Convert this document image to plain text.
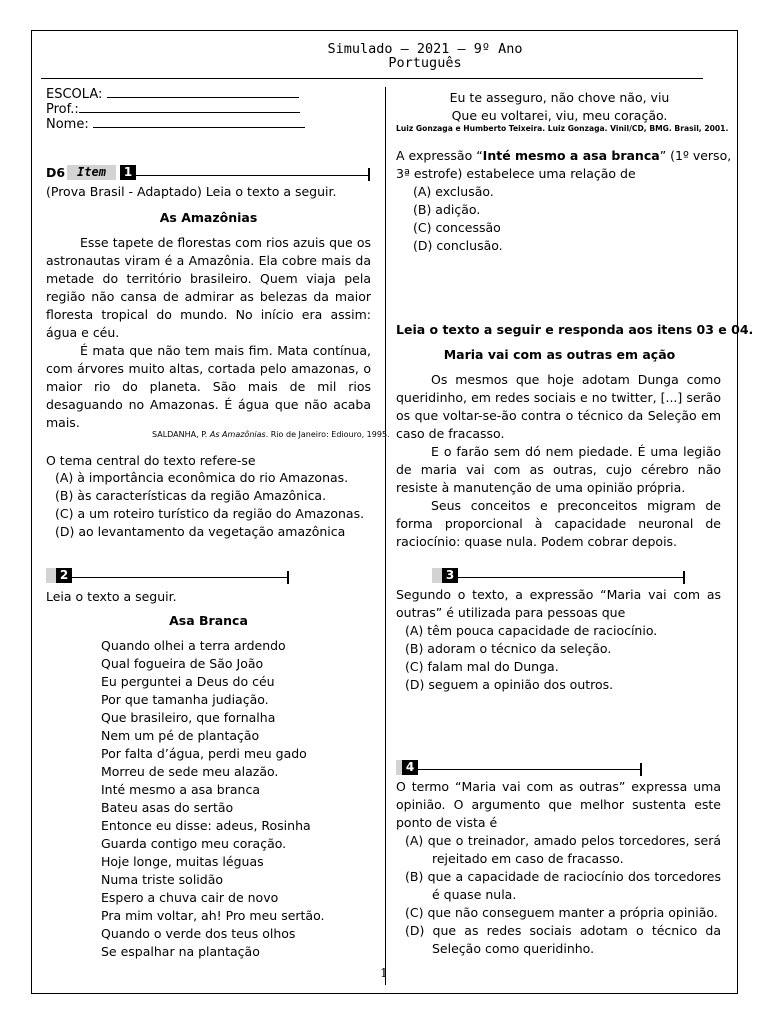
Simulado – 2021 – 9º Ano
Português
ESCOLA:
Prof.:
Nome:
D6 Item	1
(Prova Brasil - Adaptado) Leia o texto a seguir.
As Amazônias
Esse tapete de florestas com rios azuis que os
astronautas viram é a Amazônia. Ela cobre mais da
metade do território brasileiro. Quem viaja pela
região não cansa de admirar as belezas da maior
floresta tropical do mundo. No início era assim:
água e céu.
É mata que não tem mais fim. Mata contínua,
com árvores muito altas, cortada pelo amazonas, o
maior rio do planeta. São mais de mil rios
desaguando no Amazonas. É água que não acaba
mais.
SALDANHA, P. As Amazônias. Rio de Janeiro: Ediouro, 1995.
O tema central do texto refere-se
(A) à importância econômica do rio Amazonas.
(B) às características da região Amazônica.
(C) a um roteiro turístico da região do Amazonas.
(D) ao levantamento da vegetação amazônica
2
Leia o texto a seguir.
Asa Branca
Quando olhei a terra ardendo
Qual fogueira de São João
Eu perguntei a Deus do céu
Por que tamanha judiação.
Que brasileiro, que fornalha
Nem um pé de plantação
Por falta d’água, perdi meu gado
Morreu de sede meu alazão.
Inté mesmo a asa branca
Bateu asas do sertão
Entonce eu disse: adeus, Rosinha
Guarda contigo meu coração.
Hoje longe, muitas léguas
Numa triste solidão
Espero a chuva cair de novo
Pra mim voltar, ah! Pro meu sertão.
Quando o verde dos teus olhos
Se espalhar na plantação
Eu te asseguro, não chove não, viu
Que eu voltarei, viu, meu coração.
Luiz Gonzaga e Humberto Teixeira. Luiz Gonzaga. Vinil/CD, BMG. Brasil, 2001.
A expressão “Inté mesmo a asa branca” (1º verso,
3ª estrofe) estabelece uma relação de
(A) exclusão.
(B) adição.
(C) concessão
(D) conclusão.
Leia o texto a seguir e responda aos itens 03 e 04.
Maria vai com as outras em ação
Os mesmos que hoje adotam Dunga como
queridinho, em redes sociais e no twitter, [...] serão
os que voltar-se-ão contra o técnico da Seleção em
caso de fracasso.
E o farão sem dó nem piedade. É uma legião
de maria vai com as outras, cujo cérebro não
resiste à manutenção de uma opinião própria.
Seus conceitos e preconceitos migram de
forma proporcional à capacidade neuronal de
raciocínio: quase nula. Podem cobrar depois.
3
Segundo o texto, a expressão “Maria vai com as
outras” é utilizada para pessoas que
(A) têm pouca capacidade de raciocínio.
(B) adoram o técnico da seleção.
(C) falam mal do Dunga.
(D) seguem a opinião dos outros.
4
O termo “Maria vai com as outras” expressa uma
opinião. O argumento que melhor sustenta este
ponto de vista é
(A) que o treinador, amado pelos torcedores, será
rejeitado em caso de fracasso.
(B) que a capacidade de raciocínio dos torcedores
é quase nula.
(C) que não conseguem manter a própria opinião.
(D) que as redes sociais adotam o técnico da
Seleção como queridinho.
1
